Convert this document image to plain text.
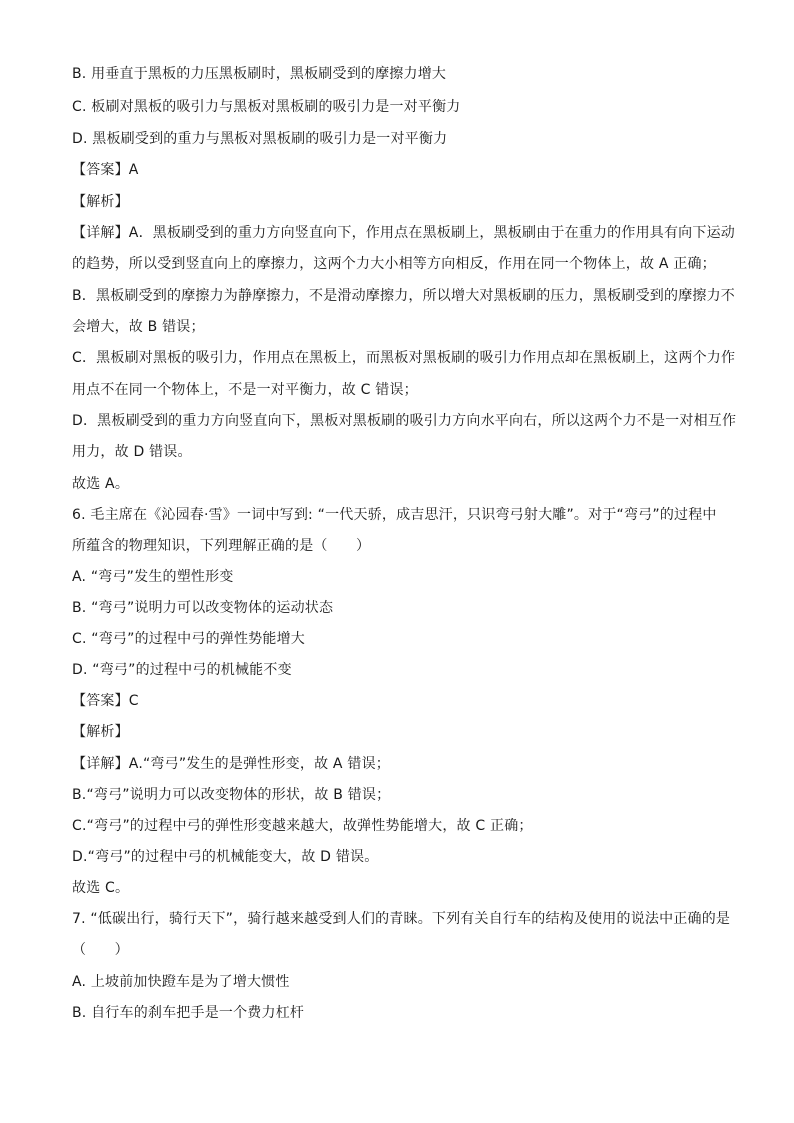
B. 用垂直于黑板的力压黑板刷时，黑板刷受到的摩擦力增大
C. 板刷对黑板的吸引力与黑板对黑板刷的吸引力是一对平衡力
D. 黑板刷受到的重力与黑板对黑板刷的吸引力是一对平衡力
【答案】A
【解析】
【详解】A．黑板刷受到的重力方向竖直向下，作用点在黑板刷上，黑板刷由于在重力的作用具有向下运动
的趋势，所以受到竖直向上的摩擦力，这两个力大小相等方向相反，作用在同一个物体上，故 A 正确；
B．黑板刷受到的摩擦力为静摩擦力，不是滑动摩擦力，所以增大对黑板刷的压力，黑板刷受到的摩擦力不
会增大，故 B 错误；
C．黑板刷对黑板的吸引力，作用点在黑板上，而黑板对黑板刷的吸引力作用点却在黑板刷上，这两个力作
用点不在同一个物体上，不是一对平衡力，故 C 错误；
D．黑板刷受到的重力方向竖直向下，黑板对黑板刷的吸引力方向水平向右，所以这两个力不是一对相互作
用力，故 D 错误。
故选 A。
6. 毛主席在《沁园春·雪》一词中写到: “一代天骄，成吉思汗，只识弯弓射大雕”。对于“弯弓”的过程中
所蕴含的物理知识，下列理解正确的是（　　）
A. “弯弓”发生的塑性形变
B. “弯弓”说明力可以改变物体的运动状态
C. “弯弓”的过程中弓的弹性势能增大
D. “弯弓”的过程中弓的机械能不变
【答案】C
【解析】
【详解】A.“弯弓”发生的是弹性形变，故 A 错误；
B.“弯弓”说明力可以改变物体的形状，故 B 错误；
C.“弯弓”的过程中弓的弹性形变越来越大，故弹性势能增大，故 C 正确；
D.“弯弓”的过程中弓的机械能变大，故 D 错误。
故选 C。
7. “低碳出行，骑行天下”，骑行越来越受到人们的青睐。下列有关自行车的结构及使用的说法中正确的是
（　　）
A. 上坡前加快蹬车是为了增大惯性
B. 自行车的刹车把手是一个费力杠杆
